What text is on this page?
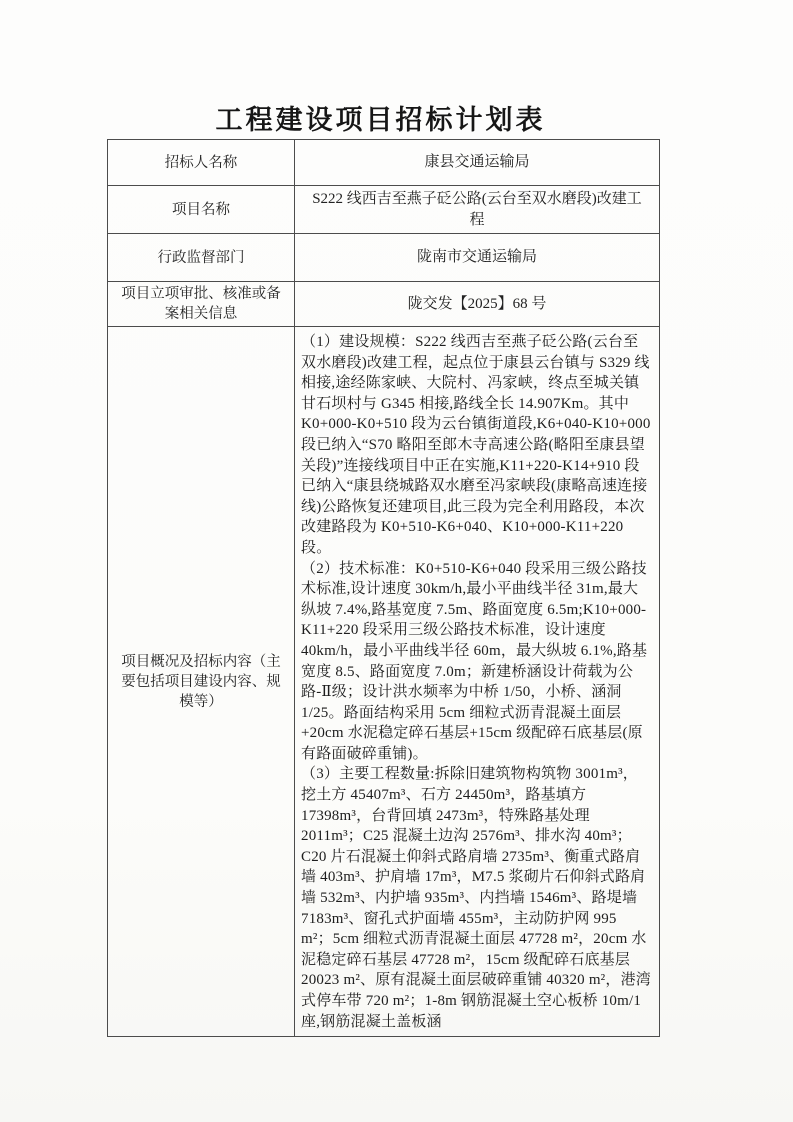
工程建设项目招标计划表
招标人名称	康县交通运输局
项目名称	S222 线西吉至燕子砭公路(云台至双水磨段)改建工程
行政监督部门	陇南市交通运输局
项目立项审批、核准或备案相关信息	陇交发【2025】68 号
项目概况及招标内容（主要包括项目建设内容、规模等）	（1）建设规模：S222 线西吉至燕子砭公路(云台至双水磨段)改建工程，起点位于康县云台镇与 S329 线相接,途经陈家峡、大院村、冯家峡，终点至城关镇甘石坝村与 G345 相接,路线全长 14.907Km。其中 K0+000-K0+510 段为云台镇街道段,K6+040-K10+000 段已纳入“S70 略阳至郎木寺高速公路(略阳至康县望关段)”连接线项目中正在实施,K11+220-K14+910 段已纳入“康县绕城路双水磨至冯家峡段(康略高速连接线)公路恢复还建项目,此三段为完全利用路段，本次改建路段为 K0+510-K6+040、K10+000-K11+220 段。

（2）技术标准：K0+510-K6+040 段采用三级公路技术标准,设计速度 30km/h,最小平曲线半径 31m,最大纵坡 7.4%,路基宽度 7.5m、路面宽度 6.5m;K10+000-K11+220 段采用三级公路技术标准，设计速度 40km/h，最小平曲线半径 60m，最大纵坡 6.1%,路基宽度 8.5、路面宽度 7.0m；新建桥涵设计荷载为公路-Ⅱ级；设计洪水频率为中桥 1/50，小桥、涵洞 1/25。路面结构采用 5cm 细粒式沥青混凝土面层+20cm 水泥稳定碎石基层+15cm 级配碎石底基层(原有路面破碎重铺)。

（3）主要工程数量:拆除旧建筑物构筑物 3001m³，挖土方 45407m³、石方 24450m³，路基填方 17398m³，台背回填 2473m³，特殊路基处理 2011m³；C25 混凝土边沟 2576m³、排水沟 40m³；C20 片石混凝土仰斜式路肩墙 2735m³、衡重式路肩墙 403m³、护肩墙 17m³，M7.5 浆砌片石仰斜式路肩墙 532m³、内护墙 935m³、内挡墙 1546m³、路堤墙 7183m³、窗孔式护面墙 455m³，主动防护网 995 m²；5cm 细粒式沥青混凝土面层 47728 m²，20cm 水泥稳定碎石基层 47728 m²，15cm 级配碎石底基层 20023 m²、原有混凝土面层破碎重铺 40320 m²，港湾式停车带 720 m²；1-8m 钢筋混凝土空心板桥 10m/1 座,钢筋混凝土盖板涵
